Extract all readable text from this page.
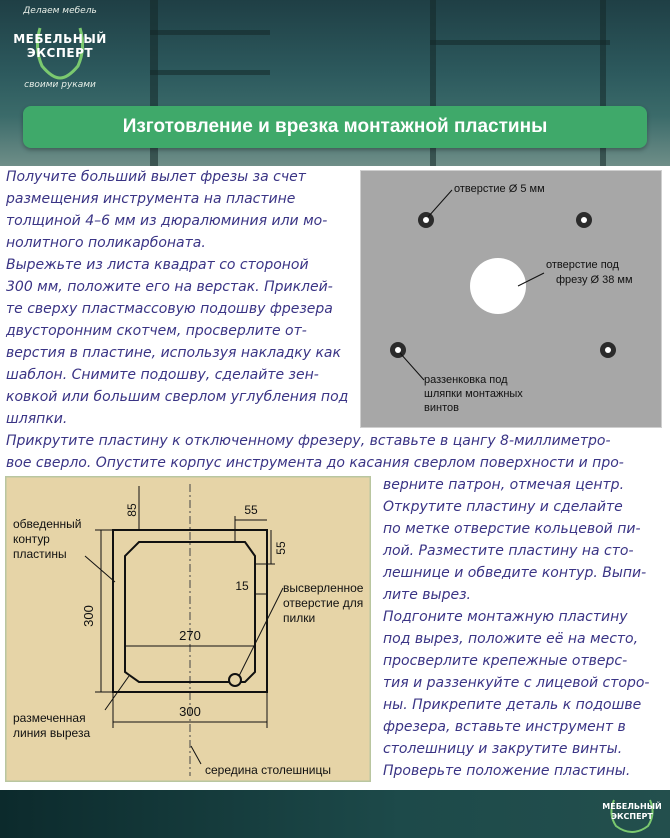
Делаем мебель
МЕБЕЛЬНЫЙ
ЭКСПЕРТ
своими руками
Изготовление и врезка монтажной пластины
Получите больший вылет фрезы за счет
размещения инструмента на пластине
толщиной 4–6 мм из дюралюминия или мо-
нолитного поликарбоната.
Вырежьте из листа квадрат со стороной
300 мм, положите его на верстак. Приклей-
те сверху пластмассовую подошву фрезера
двусторонним скотчем, просверлите от-
верстия в пластине, используя накладку как
шаблон. Снимите подошву, сделайте зен-
ковкой или большим сверлом углубления под
шляпки.
Прикрутите пластину к отключенному фрезеру, вставьте в цангу 8-миллиметро-
вое сверло. Опустите корпус инструмента до касания сверлом поверхности и про-
верните патрон, отмечая центр.
Открутите пластину и сделайте
по метке отверстие кольцевой пи-
лой. Разместите пластину на сто-
лешнице и обведите контур. Выпи-
лите вырез.
Подгоните монтажную пластину
под вырез, положите её на место,
просверлите крепежные отверс-
тия и раззенкуйте с лицевой сторо-
ны. Прикрепите деталь к подошве
фрезера, вставьте инструмент в
столешницу и закрутите винты.
Проверьте положение пластины.
отверстие Ø 5 мм
отверстие под
фрезу Ø 38 мм
раззенковка под
шляпки монтажных
винтов
85	55
55
15
300
270
300
обведенный
контур
пластины
высверленное
отверстие для
пилки
размеченная
линия выреза
середина столешницы
МЕБЕЛЬНЫЙ
ЭКСПЕРТ
